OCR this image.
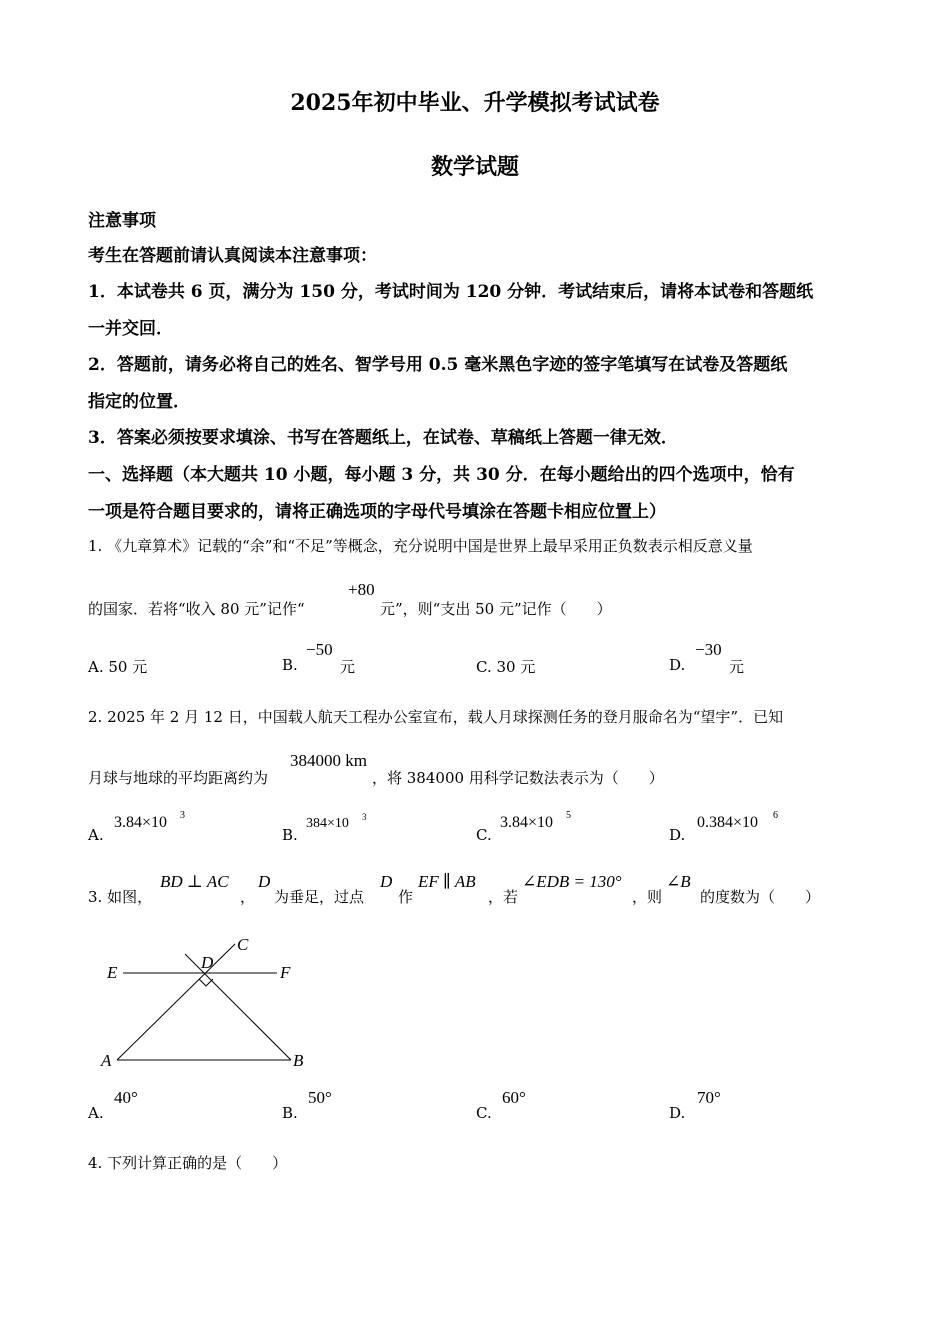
2025年初中毕业、升学模拟考试试卷
数学试题
注意事项
考生在答题前请认真阅读本注意事项：
1．本试卷共 6 页，满分为 150 分，考试时间为 120 分钟．考试结束后，请将本试卷和答题纸
一并交回．
2．答题前，请务必将自己的姓名、智学号用 0.5 毫米黑色字迹的签字笔填写在试卷及答题纸
指定的位置．
3．答案必须按要求填涂、书写在答题纸上，在试卷、草稿纸上答题一律无效．
一、选择题（本大题共 10 小题，每小题 3 分，共 30 分．在每小题给出的四个选项中，恰有
一项是符合题目要求的，请将正确选项的字母代号填涂在答题卡相应位置上）
1. 《九章算术》记载的“余”和“不足”等概念，充分说明中国是世界上最早采用正负数表示相反意义量
的国家．若将“收入 80 元”记作“
+80
元”，则“支出 50 元”记作（　　）
A. 50 元	B.
−50
元	C. 30 元	D.
−30
元
2. 2025 年 2 月 12 日，中国载人航天工程办公室宣布，载人月球探测任务的登月服命名为“望宇”．已知
月球与地球的平均距离约为
384000 km
，将 384000 用科学记数法表示为（　　）
A.
3.84×10 3
B.
384×10 3
C.
3.84×10 5
D.
0.384×10 6
3. 如图，
BD ⊥ AC
，
D
为垂足，过点
D
作
EF ∥ AB
，若
∠EDB = 130°
，则
∠B
的度数为（　　）
C
D
E	F
A	B
A.
40°
B.
50°
C.
60°
D.
70°
4. 下列计算正确的是（　　）
